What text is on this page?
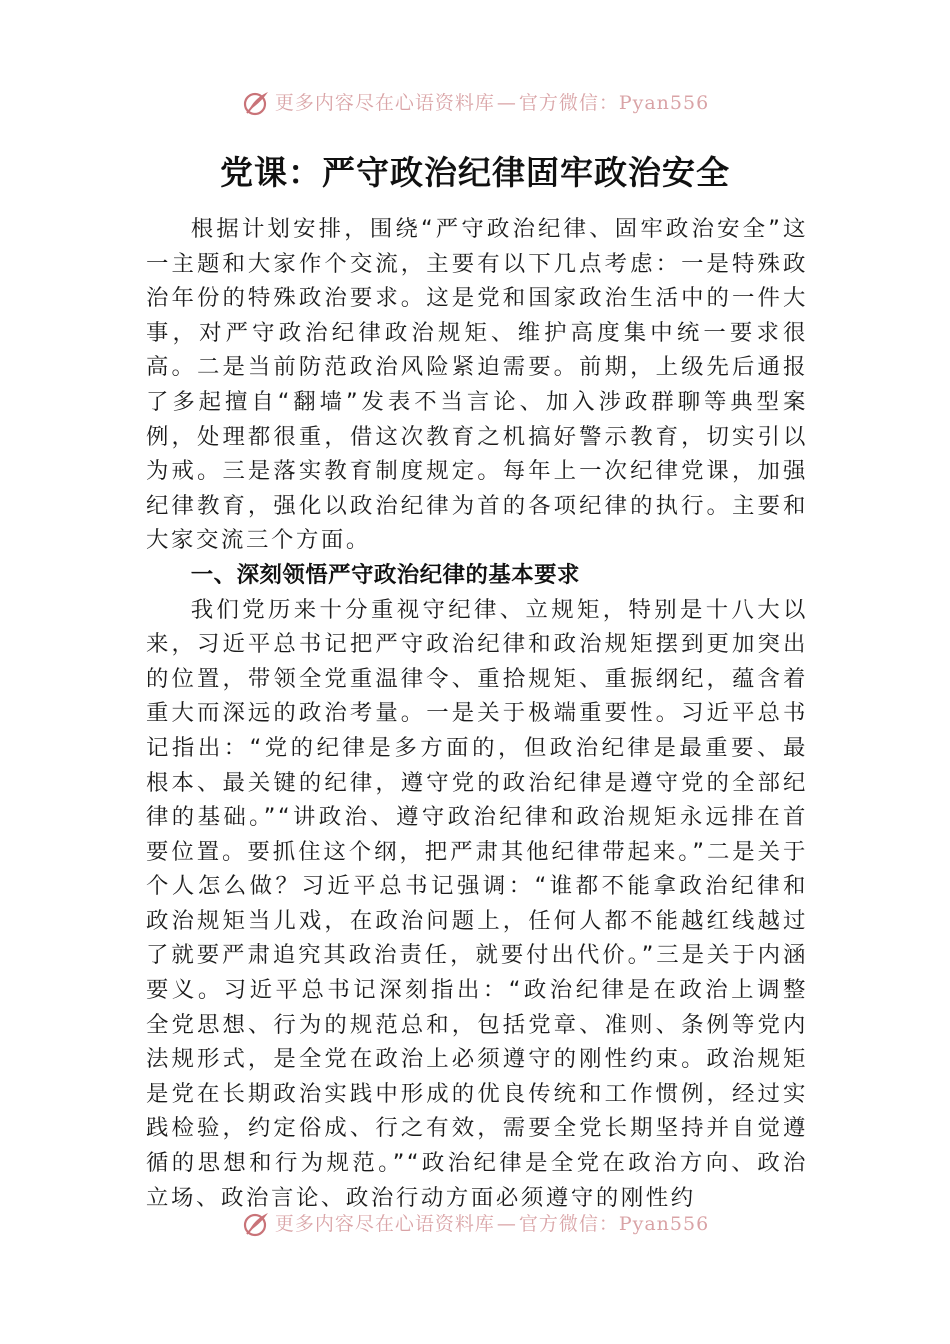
更多内容尽在心语资料库 — 官方微信：Pyan556
党课：严守政治纪律固牢政治安全

根据计划安排，围绕“严守政治纪律、固牢政治安全”这一主题和大家作个交流，主要有以下几点考虑：一是特殊政治年份的特殊政治要求。这是党和国家政治生活中的一件大事，对严守政治纪律政治规矩、维护高度集中统一要求很高。二是当前防范政治风险紧迫需要。前期，上级先后通报了多起擅自“翻墙”发表不当言论、加入涉政群聊等典型案例，处理都很重，借这次教育之机搞好警示教育，切实引以为戒。三是落实教育制度规定。每年上一次纪律党课，加强纪律教育，强化以政治纪律为首的各项纪律的执行。主要和大家交流三个方面。

一、深刻领悟严守政治纪律的基本要求

我们党历来十分重视守纪律、立规矩，特别是十八大以来，习近平总书记把严守政治纪律和政治规矩摆到更加突出的位置，带领全党重温律令、重拾规矩、重振纲纪，蕴含着重大而深远的政治考量。一是关于极端重要性。习近平总书记指出：“党的纪律是多方面的，但政治纪律是最重要、最根本、最关键的纪律，遵守党的政治纪律是遵守党的全部纪律的基础。”“讲政治、遵守政治纪律和政治规矩永远排在首要位置。要抓住这个纲，把严肃其他纪律带起来。”二是关于个人怎么做？习近平总书记强调：“谁都不能拿政治纪律和政治规矩当儿戏，在政治问题上，任何人都不能越红线越过了就要严肃追究其政治责任，就要付出代价。”三是关于内涵要义。习近平总书记深刻指出：“政治纪律是在政治上调整全党思想、行为的规范总和，包括党章、准则、条例等党内法规形式，是全党在政治上必须遵守的刚性约束。政治规矩是党在长期政治实践中形成的优良传统和工作惯例，经过实践检验，约定俗成、行之有效，需要全党长期坚持并自觉遵循的思想和行为规范。”“政治纪律是全党在政治方向、政治立场、政治言论、政治行动方面必须遵守的刚性约

更多内容尽在心语资料库 — 官方微信：Pyan556
